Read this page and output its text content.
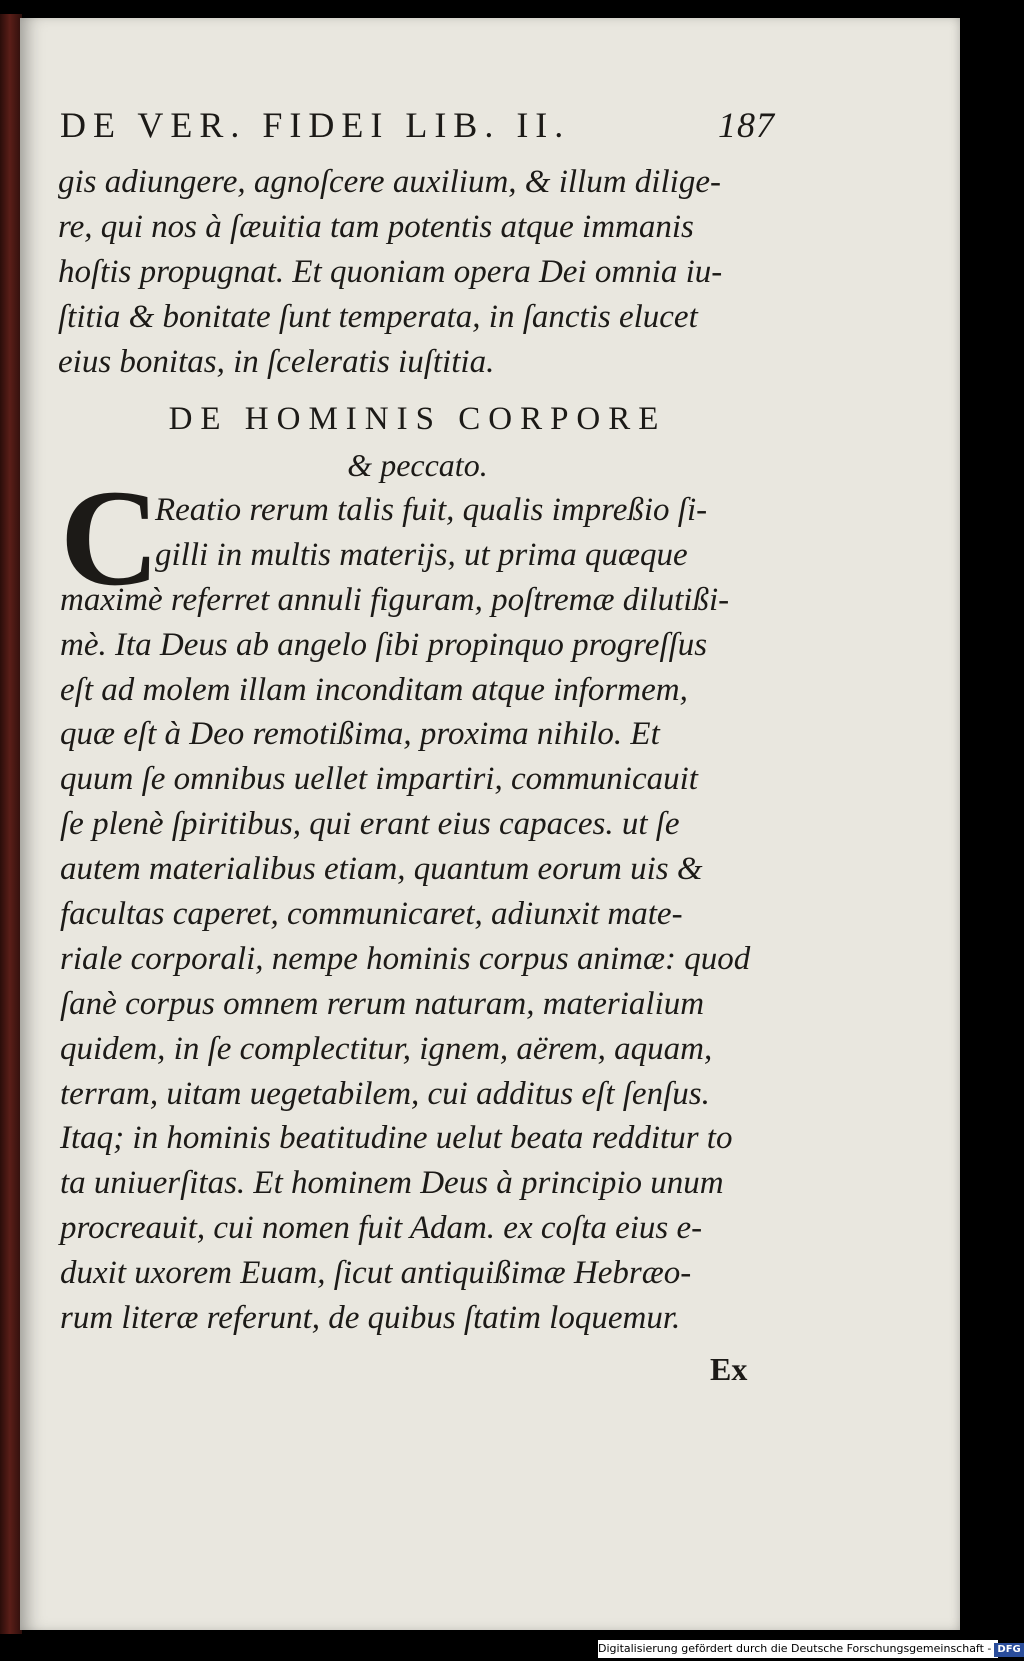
DE VER. FIDEI LIB. II.	187
gis adiungere, agnoſcere auxilium, & illum dilige-
re, qui nos à ſæuitia tam potentis atque immanis
hoſtis propugnat. Et quoniam opera Dei omnia iu-
ſtitia & bonitate ſunt temperata, in ſanctis elucet
eius bonitas, in ſceleratis iuſtitia.
DE HOMINIS CORPORE
& peccato.
C
Reatio rerum talis fuit, qualis impreßio ſi-
gilli in multis materijs, ut prima quæque
maximè referret annuli figuram, poſtremæ dilutißi-
mè. Ita Deus ab angelo ſibi propinquo progreſſus
eſt ad molem illam inconditam atque informem,
quæ eſt à Deo remotißima, proxima nihilo. Et
quum ſe omnibus uellet impartiri, communicauit
ſe plenè ſpiritibus, qui erant eius capaces. ut ſe
autem materialibus etiam, quantum eorum uis &
facultas caperet, communicaret, adiunxit mate-
riale corporali, nempe hominis corpus animæ: quod
ſanè corpus omnem rerum naturam, materialium
quidem, in ſe complectitur, ignem, aërem, aquam,
terram, uitam uegetabilem, cui additus eſt ſenſus.
Itaq; in hominis beatitudine uelut beata redditur to
ta uniuerſitas. Et hominem Deus à principio unum
procreauit, cui nomen fuit Adam. ex coſta eius e-
duxit uxorem Euam, ſicut antiquißimæ Hebræo-
rum literæ referunt, de quibus ſtatim loquemur.
Ex
Digitalisierung gefördert durch die Deutsche Forschungsgemeinschaft - DFG
